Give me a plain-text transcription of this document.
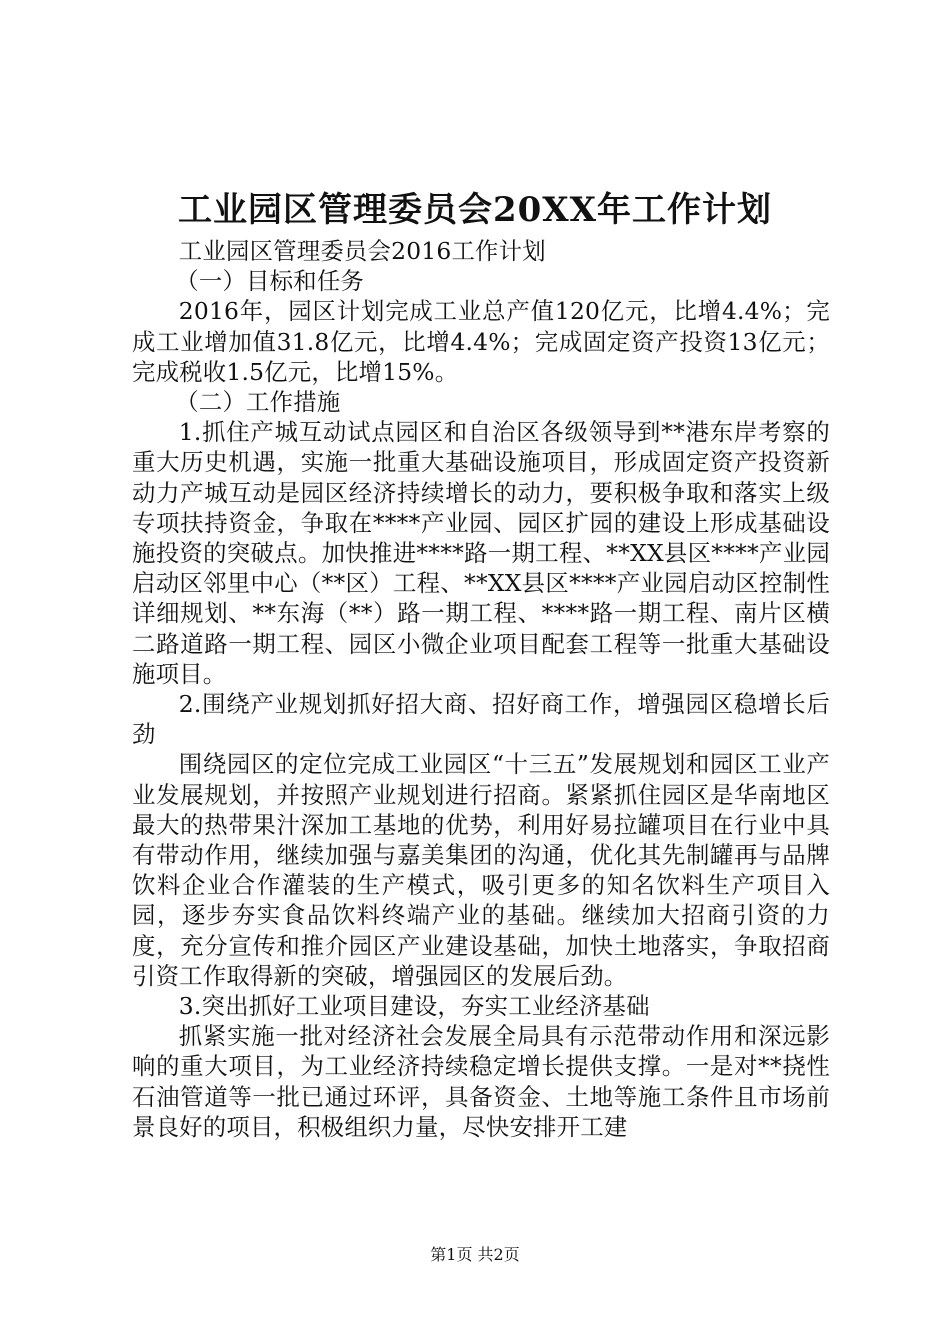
工业园区管理委员会20XX年工作计划

工业园区管理委员会2016工作计划

（一）目标和任务

2016年，园区计划完成工业总产值120亿元，比增4.4%；完成工业增加值31.8亿元，比增4.4%；完成固定资产投资13亿元；完成税收1.5亿元，比增15%。

（二）工作措施

1.抓住产城互动试点园区和自治区各级领导到**港东岸考察的重大历史机遇，实施一批重大基础设施项目，形成固定资产投资新动力产城互动是园区经济持续增长的动力，要积极争取和落实上级专项扶持资金，争取在****产业园、园区扩园的建设上形成基础设施投资的突破点。加快推进****路一期工程、**XX县区****产业园启动区邻里中心（**区）工程、**XX县区****产业园启动区控制性详细规划、**东海（**）路一期工程、****路一期工程、南片区横二路道路一期工程、园区小微企业项目配套工程等一批重大基础设施项目。

2.围绕产业规划抓好招大商、招好商工作，增强园区稳增长后劲

围绕园区的定位完成工业园区“十三五”发展规划和园区工业产业发展规划，并按照产业规划进行招商。紧紧抓住园区是华南地区最大的热带果汁深加工基地的优势，利用好易拉罐项目在行业中具有带动作用，继续加强与嘉美集团的沟通，优化其先制罐再与品牌饮料企业合作灌装的生产模式，吸引更多的知名饮料生产项目入园，逐步夯实食品饮料终端产业的基础。继续加大招商引资的力度，充分宣传和推介园区产业建设基础，加快土地落实，争取招商引资工作取得新的突破，增强园区的发展后劲。

3.突出抓好工业项目建设，夯实工业经济基础

抓紧实施一批对经济社会发展全局具有示范带动作用和深远影响的重大项目，为工业经济持续稳定增长提供支撑。一是对**挠性石油管道等一批已通过环评，具备资金、土地等施工条件且市场前景良好的项目，积极组织力量，尽快安排开工建

第1页 共2页
